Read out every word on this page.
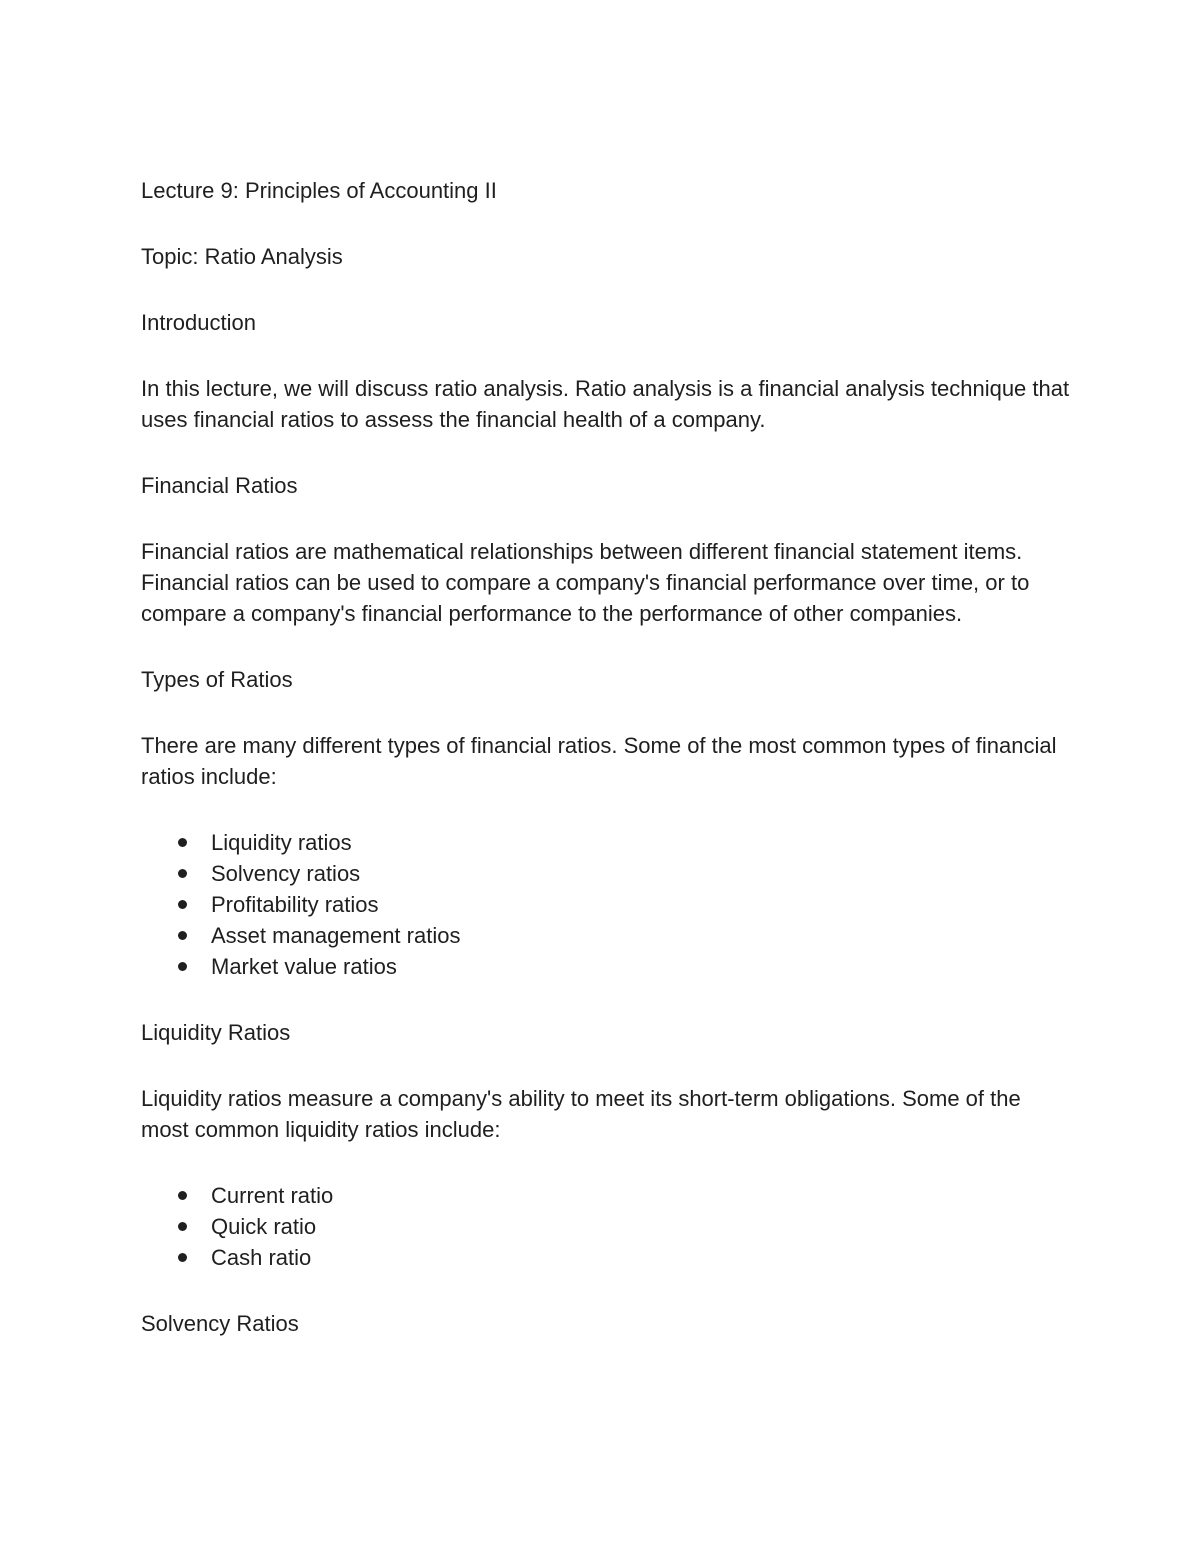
Lecture 9: Principles of Accounting II

Topic: Ratio Analysis

Introduction

In this lecture, we will discuss ratio analysis. Ratio analysis is a financial analysis technique that uses financial ratios to assess the financial health of a company.

Financial Ratios

Financial ratios are mathematical relationships between different financial statement items. Financial ratios can be used to compare a company's financial performance over time, or to compare a company's financial performance to the performance of other companies.

Types of Ratios

There are many different types of financial ratios. Some of the most common types of financial ratios include:

Liquidity ratios
Solvency ratios
Profitability ratios
Asset management ratios
Market value ratios

Liquidity Ratios

Liquidity ratios measure a company's ability to meet its short-term obligations. Some of the most common liquidity ratios include:

Current ratio
Quick ratio
Cash ratio

Solvency Ratios
